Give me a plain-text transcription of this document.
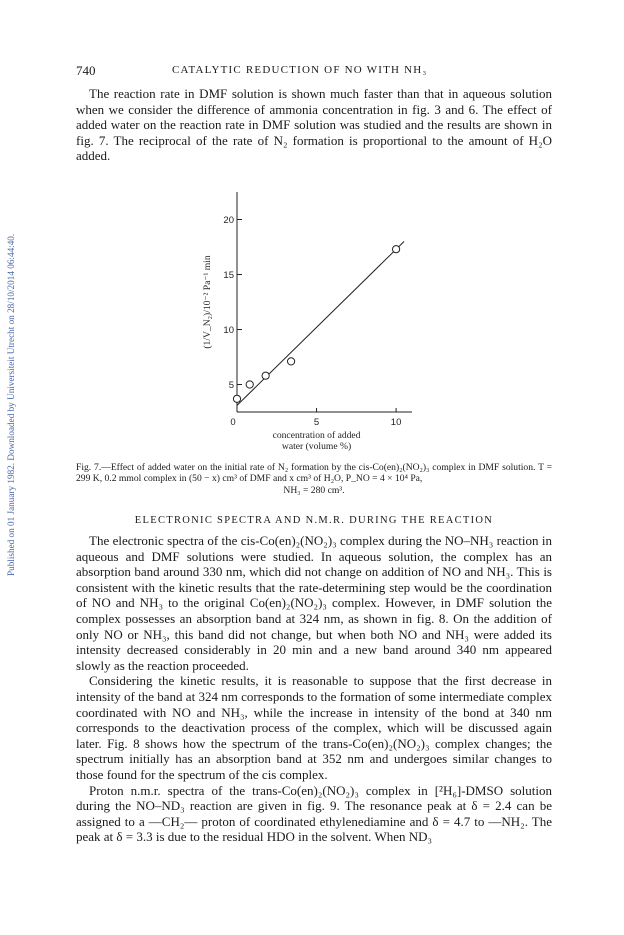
Published on 01 January 1982. Downloaded by Universiteit Utrecht on 28/10/2014 06:44:40.
740	CATALYTIC REDUCTION OF NO WITH NH₃

The reaction rate in DMF solution is shown much faster than that in aqueous solution when we consider the difference of ammonia concentration in fig. 3 and 6. The effect of added water on the reaction rate in DMF solution was studied and the results are shown in fig. 7. The reciprocal of the rate of N₂ formation is proportional to the amount of H₂O added.

5
10
15
20
0	5	10
concentration of added
water (volume %)
(1/V_N₂)/10⁻² Pa⁻¹ min
Fig. 7.—Effect of added water on the initial rate of N₂ formation by the cis-Co(en)₂(NO₂)₃ complex in DMF solution. T = 299 K, 0.2 mmol complex in (50 − x) cm³ of DMF and x cm³ of H₂O, P_NO = 4 × 10⁴ Pa,
NH₃ = 280 cm³.
ELECTRONIC SPECTRA AND N.M.R. DURING THE REACTION

The electronic spectra of the cis-Co(en)₂(NO₂)₃ complex during the NO–NH₃ reaction in aqueous and DMF solutions were studied. In aqueous solution, the complex has an absorption band around 330 nm, which did not change on addition of NO and NH₃. This is consistent with the kinetic results that the rate-determining step would be the coordination of NO and NH₃ to the original Co(en)₂(NO₂)₃ complex. However, in DMF solution the complex possesses an absorption band at 324 nm, as shown in fig. 8. On the addition of only NO or NH₃, this band did not change, but when both NO and NH₃ were added its intensity decreased considerably in 20 min and a new band around 340 nm appeared slowly as the reaction proceeded.

Considering the kinetic results, it is reasonable to suppose that the first decrease in intensity of the band at 324 nm corresponds to the formation of some intermediate complex coordinated with NO and NH₃, while the increase in intensity of the bond at 340 nm corresponds to the deactivation process of the complex, which will be discussed again later. Fig. 8 shows how the spectrum of the trans-Co(en)₂(NO₂)₃ complex changes; the spectrum initially has an absorption band at 352 nm and undergoes similar changes to those found for the spectrum of the cis complex.

Proton n.m.r. spectra of the trans-Co(en)₂(NO₂)₃ complex in [²H₆]-DMSO solution during the NO–ND₃ reaction are given in fig. 9. The resonance peak at δ = 2.4 can be assigned to a —CH₂— proton of coordinated ethylenediamine and δ = 4.7 to —NH₂. The peak at δ = 3.3 is due to the residual HDO in the solvent. When ND₃
